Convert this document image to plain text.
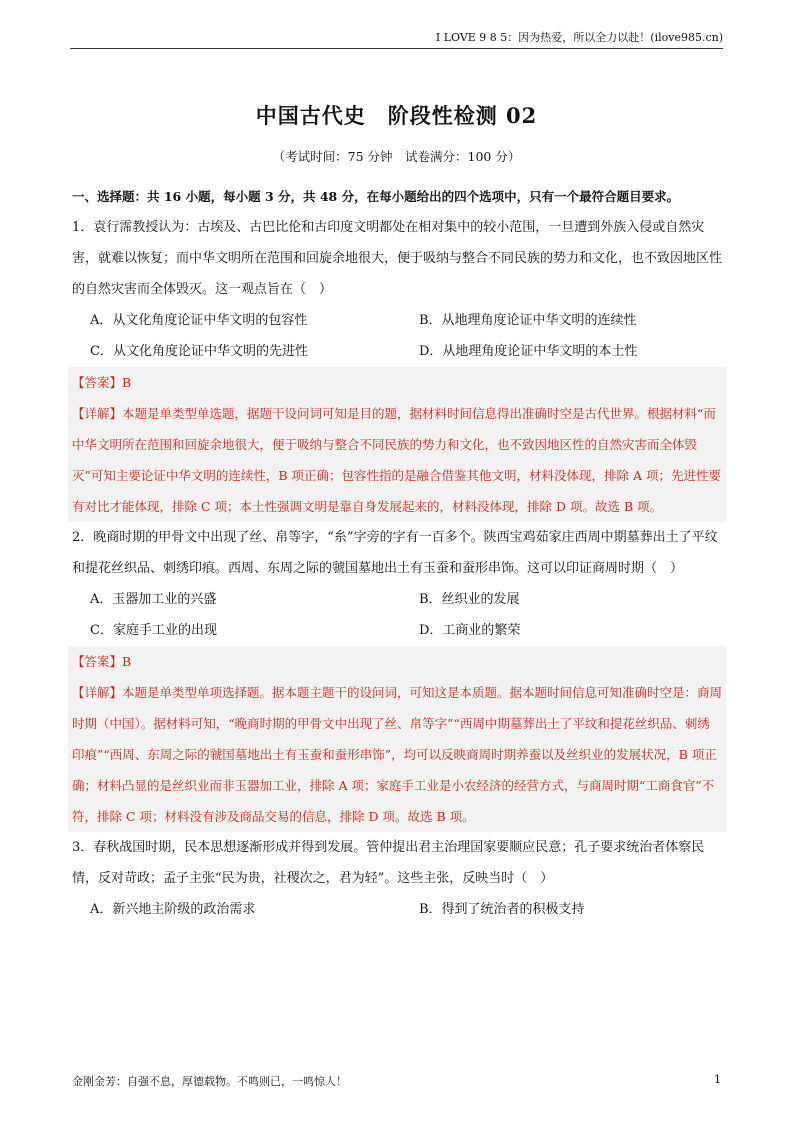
I LOVE 9 8 5：因为热爱，所以全力以赴！(ilove985.cn)
中国古代史　阶段性检测 02
（考试时间：75 分钟　试卷满分：100 分）
一、选择题：共 16 小题，每小题 3 分，共 48 分，在每小题给出的四个选项中，只有一个最符合题目要求。
1．袁行霈教授认为：古埃及、古巴比伦和古印度文明都处在相对集中的较小范围，一旦遭到外族入侵或自然灾害，就难以恢复；而中华文明所在范围和回旋余地很大，便于吸纳与整合不同民族的势力和文化，也不致因地区性的自然灾害而全体毁灭。这一观点旨在（　）
A．从文化角度论证中华文明的包容性	B．从地理角度论证中华文明的连续性
C．从文化角度论证中华文明的先进性	D．从地理角度论证中华文明的本土性

【答案】B

【详解】本题是单类型单选题，据题干设问词可知是目的题，据材料时间信息得出准确时空是古代世界。根据材料“而中华文明所在范围和回旋余地很大，便于吸纳与整合不同民族的势力和文化，也不致因地区性的自然灾害而全体毁灭”可知主要论证中华文明的连续性，B 项正确；包容性指的是融合借鉴其他文明，材料没体现，排除 A 项；先进性要有对比才能体现，排除 C 项；本土性强调文明是靠自身发展起来的，材料没体现，排除 D 项。故选 B 项。

2．晚商时期的甲骨文中出现了丝、帛等字，“糸”字旁的字有一百多个。陕西宝鸡茹家庄西周中期墓葬出土了平纹和提花丝织品、刺绣印痕。西周、东周之际的虢国墓地出土有玉蚕和蚕形串饰。这可以印证商周时期（　）
A．玉器加工业的兴盛	B．丝织业的发展
C．家庭手工业的出现	D．工商业的繁荣

【答案】B

【详解】本题是单类型单项选择题。据本题主题干的设问词，可知这是本质题。据本题时间信息可知准确时空是：商周时期（中国）。据材料可知，“晚商时期的甲骨文中出现了丝、帛等字”“西周中期墓葬出土了平纹和提花丝织品、刺绣印痕”“西周、东周之际的虢国墓地出土有玉蚕和蚕形串饰”，均可以反映商周时期养蚕以及丝织业的发展状况，B 项正确；材料凸显的是丝织业而非玉器加工业，排除 A 项；家庭手工业是小农经济的经营方式，与商周时期“工商食官”不符，排除 C 项；材料没有涉及商品交易的信息，排除 D 项。故选 B 项。

3．春秋战国时期，民本思想逐渐形成并得到发展。管仲提出君主治理国家要顺应民意；孔子要求统治者体察民情，反对苛政；孟子主张“民为贵，社稷次之，君为轻”。这些主张，反映当时（　）
A．新兴地主阶级的政治需求	B．得到了统治者的积极支持
金刚金芳：自强不息，厚德载物。不鸣则已，一鸣惊人！	1
